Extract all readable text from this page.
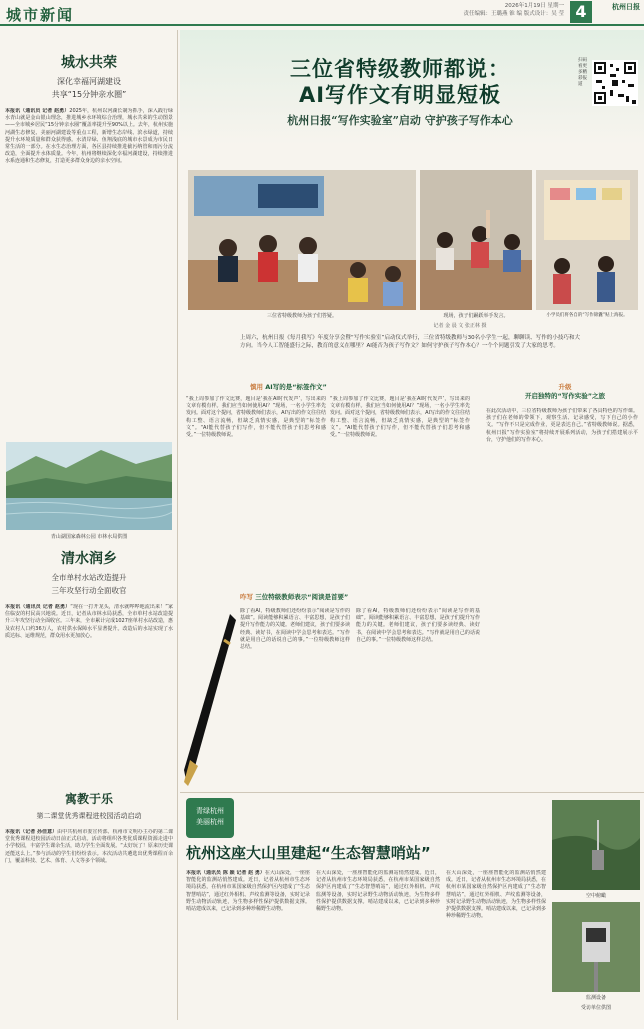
城市新闻	2026年1月19日 星期一
责任编辑：王璐燕 锥 编 版式设计：吴 莹 4	杭州日报
城水共荣
深化幸福河湖建设
共享“15分钟亲水圈”
本报讯（通讯员 记者 赵勇）2025年，杭州以河湖长制为抓手，深入践行绿水青山就是金山银山理念，推进城乡水环境综合治理，城水共荣的生动图景——全市城乡居民“15分钟亲水圈”覆盖率提升至90%以上。去年，杭州实施河湖生态修复、美丽河湖建设等重点工程，新增生态岸线、滨水绿道，持续提升水环境质量和群众获得感。水清岸绿、鱼翔浅底的城市水景成为市民日常生活的一部分。在水生态治理方面，各区县持续推进截污纳管和雨污分流改造，全面提升水体质量。今年，杭州将继续深化幸福河湖建设，持续推进水系连通和生态修复，打造更多群众身边的亲水空间。
青山湖国家森林公园 市林水局供图
清水润乡
全市单村水站改造提升
三年攻坚行动全面收官
本报讯（通讯员 记者 赵勇）“现在一打开龙头，清水就哗哗地流出来！”家住临安的村民高兴地说。近日，记者从市林水局获悉，全市单村水站改造提升三年攻坚行动全面收官。三年来，全市累计完成1027座单村水站改造，惠及农村人口约36万人，农村供水保障水平显著提升。改造后的水站实现了水质达标、运维规范，群众用水更加放心。
寓教于乐
第二课堂优秀课程进校园活动启动
本报讯（记者 孙佳意）由中共杭州市委宣传部、杭州市文明办主办的第二课堂优秀课程进校园活动日前正式启动。活动将组织各类优质课程资源走进中小学校园，丰富学生课余生活，助力学生全面发展。“太好玩了！原来历史课还能这么上。”参与活动的学生们纷纷表示。本次活动共遴选出优秀课程百余门，覆盖科技、艺术、体育、人文等多个领域。
三位省特级教师都说：
AI写作文有明显短板
杭州日报“写作实验室”启动 守护孩子写作本心
扫码看更多精彩报道
三位省特级教师为孩子们答疑。	现场，孩子们踊跃举手发言。	小学员们将各自的“写作锦囊”贴上海报。
记者 金 晨 文 张正林 摄
上周六，杭州日报《每月我写》年度分享会暨“写作实验室”启动仪式举行，三位省特级教师与30名小学生一起，聊聊读、写作的小技巧和大方向。当今人工智能盛行之际，教育的意义在哪里？AI能否为孩子写作文？如何守护孩子写作本心？一个个问题引发了大家的思考。
慎用 AI写的是“标签作文”
“我上周参加了作文比赛，题目是‘我在AI时代发声’，写出来的文章有模有样。我们应当如何使用AI？”现场，一名小学生率先发问。面对这个提问，省特级教师们表示，AI写出的作文往往结构工整、语言流畅，但缺乏真情实感，是典型的“标签作文”。“AI能代替孩子们写作，但不能代替孩子们思考和感受。”一位特级教师说。
“我上周参加了作文比赛，题目是‘我在AI时代发声’，写出来的文章有模有样。我们应当如何使用AI？”现场，一名小学生率先发问。面对这个提问，省特级教师们表示，AI写出的作文往往结构工整、语言流畅，但缺乏真情实感，是典型的“标签作文”。“AI能代替孩子们写作，但不能代替孩子们思考和感受。”一位特级教师说。
升级
开启独特的“写作实验”之旅
在此次活动中，三位省特级教师为孩子们带来了各具特色的写作课。孩子们在老师的带领下，观察生活、记录感受，写下自己的小作文。“写作不只是完成作业，更是表达自己。”省特级教师说。据悉，杭州日报“写作实验室”将持续开展系列活动，为孩子们搭建展示平台，守护他们的写作本心。
咋写 三位特级教师表示“阅读是首要”
除了看AI，特级教师们还纷纷表示“阅读是写作的基础”。阅读能够积累语言、丰富思想，是孩子们提升写作能力的关键。老师们建议，孩子们要多读经典、读好书，在阅读中学会思考和表达。“写作就是用自己的话说自己的事。”一位特级教师这样总结。
除了看AI，特级教师们还纷纷表示“阅读是写作的基础”。阅读能够积累语言、丰富思想，是孩子们提升写作能力的关键。老师们建议，孩子们要多读经典、读好书，在阅读中学会思考和表达。“写作就是用自己的话说自己的事。”一位特级教师这样总结。
青绿杭州
美丽杭州
杭州这座大山里建起“生态智慧哨站”
本报讯（通讯员 陈 颖 记者 赵 勇）在大山深处，一座座智能化的监测站悄然建成。近日，记者从杭州市生态环境局获悉，在杭州市某国家级自然保护区内建成了“生态智慧哨站”，通过红外相机、声纹监测等设备，实时记录野生动物活动轨迹，为生物多样性保护提供数据支撑。哨站建成以来，已记录到多种珍稀野生动物。
在大山深处，一座座智能化的监测站悄然建成。近日，记者从杭州市生态环境局获悉，在杭州市某国家级自然保护区内建成了“生态智慧哨站”，通过红外相机、声纹监测等设备，实时记录野生动物活动轨迹，为生物多样性保护提供数据支撑。哨站建成以来，已记录到多种珍稀野生动物。
在大山深处，一座座智能化的监测站悄然建成。近日，记者从杭州市生态环境局获悉，在杭州市某国家级自然保护区内建成了“生态智慧哨站”，通过红外相机、声纹监测等设备，实时记录野生动物活动轨迹，为生物多样性保护提供数据支撑。哨站建成以来，已记录到多种珍稀野生动物。
空中俯瞰
监测设备
受访单位供图
